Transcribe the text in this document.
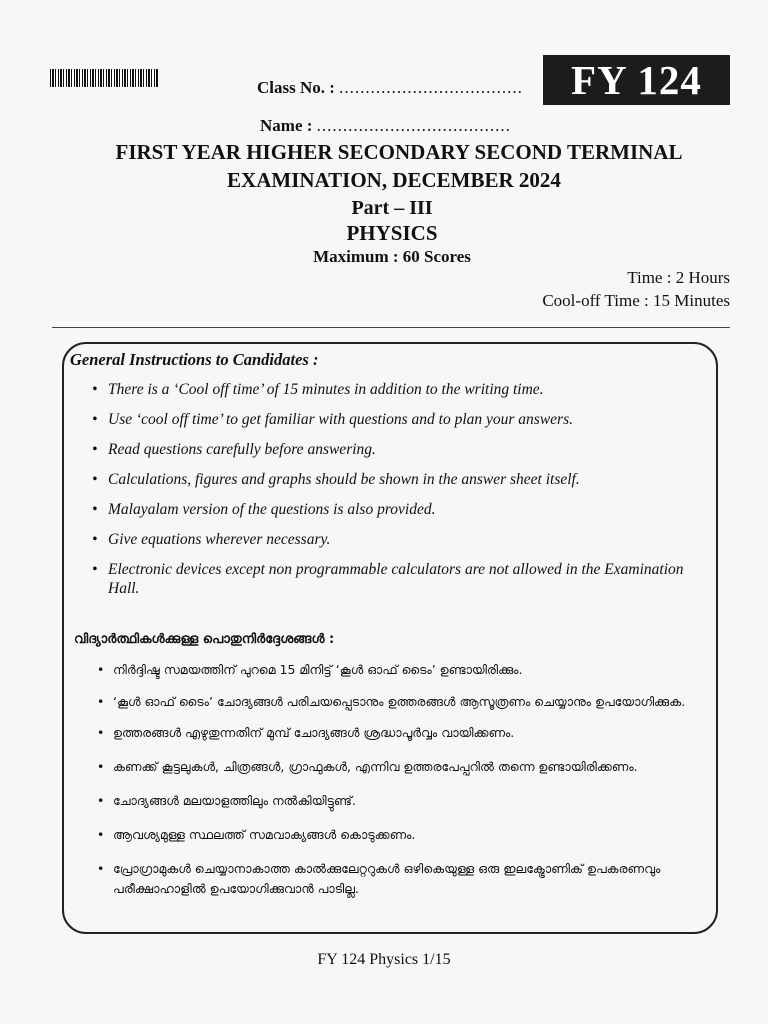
FY 124
Class No. : ...................................
Name : .....................................
FIRST YEAR HIGHER SECONDARY SECOND TERMINAL
EXAMINATION, DECEMBER 2024
Part – III
PHYSICS
Maximum : 60 Scores
Time : 2 Hours
Cool-off Time : 15 Minutes
General Instructions to Candidates :
• There is a ‘Cool off time’ of 15 minutes in addition to the writing time.
• Use ‘cool off time’ to get familiar with questions and to plan your answers.
• Read questions carefully before answering.
• Calculations, figures and graphs should be shown in the answer sheet itself.
• Malayalam version of the questions is also provided.
• Give equations wherever necessary.
• Electronic devices except non programmable calculators are not allowed in the Examination Hall.
വിദ്യാർത്ഥികൾക്കുള്ള പൊതുനിർദ്ദേശങ്ങൾ :
• നിർദ്ദിഷ്ട സമയത്തിന് പുറമെ 15 മിനിട്ട് ‘കൂൾ ഓഫ് ടൈം’ ഉണ്ടായിരിക്കും.
• ‘കൂൾ ഓഫ് ടൈം’ ചോദ്യങ്ങൾ പരിചയപ്പെടാനും ഉത്തരങ്ങൾ ആസൂത്രണം ചെയ്യാനും ഉപയോഗിക്കുക.
• ഉത്തരങ്ങൾ എഴുതുന്നതിന് മുമ്പ് ചോദ്യങ്ങൾ ശ്രദ്ധാപൂർവ്വം വായിക്കണം.
• കണക്ക് കൂട്ടലുകൾ, ചിത്രങ്ങൾ, ഗ്രാഫുകൾ, എന്നിവ ഉത്തരപേപ്പറിൽ തന്നെ ഉണ്ടായിരിക്കണം.
• ചോദ്യങ്ങൾ മലയാളത്തിലും നൽകിയിട്ടുണ്ട്.
• ആവശ്യമുള്ള സ്ഥലത്ത് സമവാക്യങ്ങൾ കൊടുക്കണം.
• പ്രോഗ്രാമുകൾ ചെയ്യാനാകാത്ത കാൽക്കുലേറ്ററുകൾ ഒഴികെയുള്ള ഒരു ഇലക്ട്രോണിക് ഉപകരണവും പരീക്ഷാഹാളിൽ ഉപയോഗിക്കുവാൻ പാടില്ല.
FY 124 Physics 1/15
